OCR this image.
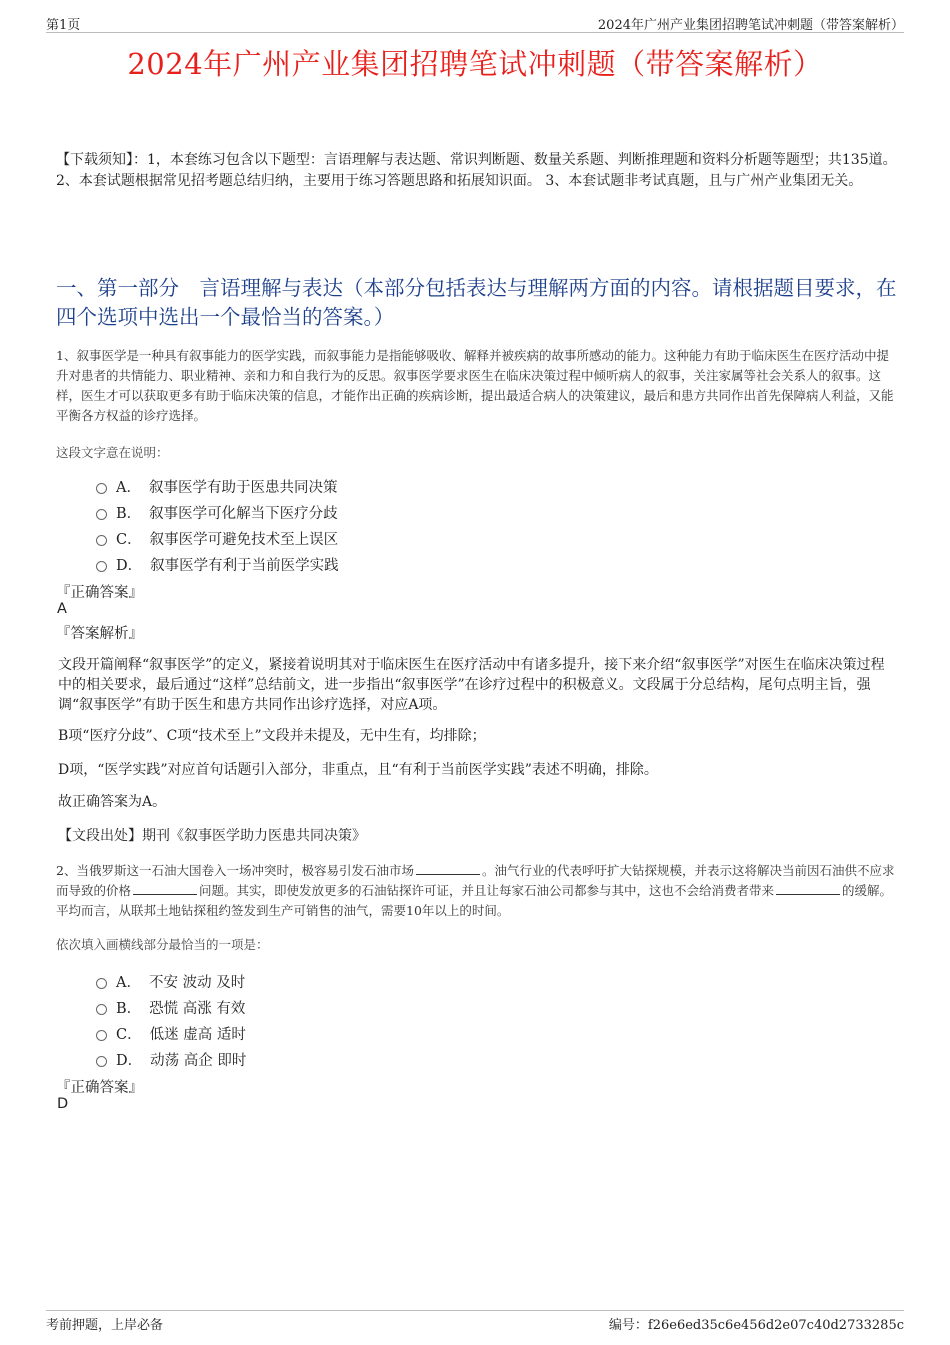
第1页	2024年广州产业集团招聘笔试冲刺题（带答案解析）
2024年广州产业集团招聘笔试冲刺题（带答案解析）
【下载须知】：1，本套练习包含以下题型：言语理解与表达题、常识判断题、数量关系题、判断推理题和资料分析题等题型；共135道。 2、本套试题根据常见招考题总结归纳，主要用于练习答题思路和拓展知识面。 3、本套试题非考试真题，且与广州产业集团无关。
一、第一部分　言语理解与表达（本部分包括表达与理解两方面的内容。请根据题目要求，在四个选项中选出一个最恰当的答案。）
1、叙事医学是一种具有叙事能力的医学实践，而叙事能力是指能够吸收、解释并被疾病的故事所感动的能力。这种能力有助于临床医生在医疗活动中提升对患者的共情能力、职业精神、亲和力和自我行为的反思。叙事医学要求医生在临床决策过程中倾听病人的叙事，关注家属等社会关系人的叙事。这样，医生才可以获取更多有助于临床决策的信息，才能作出正确的疾病诊断，提出最适合病人的决策建议，最后和患方共同作出首先保障病人利益，又能平衡各方权益的诊疗选择。
这段文字意在说明：
A． 叙事医学有助于医患共同决策
B． 叙事医学可化解当下医疗分歧
C． 叙事医学可避免技术至上误区
D． 叙事医学有利于当前医学实践
『正确答案』
A
『答案解析』
文段开篇阐释“叙事医学”的定义，紧接着说明其对于临床医生在医疗活动中有诸多提升，接下来介绍“叙事医学”对医生在临床决策过程中的相关要求，最后通过“这样”总结前文，进一步指出“叙事医学”在诊疗过程中的积极意义。文段属于分总结构，尾句点明主旨，强调“叙事医学”有助于医生和患方共同作出诊疗选择，对应A项。
B项“医疗分歧”、C项“技术至上”文段并未提及，无中生有，均排除；
D项，“医学实践”对应首句话题引入部分，非重点，且“有利于当前医学实践”表述不明确，排除。
故正确答案为A。
【文段出处】期刊《叙事医学助力医患共同决策》
2、当俄罗斯这一石油大国卷入一场冲突时，极容易引发石油市场	。油气行业的代表呼吁扩大钻探规模，并表示这将解决当前因石油供不应求而导致的价格	问题。其实，即使发放更多的石油钻探许可证，并且让每家石油公司都参与其中，这也不会给消费者带来	的缓解。平均而言，从联邦土地钻探租约签发到生产可销售的油气，需要10年以上的时间。
依次填入画横线部分最恰当的一项是：
A． 不安 波动 及时
B． 恐慌 高涨 有效
C． 低迷 虚高 适时
D． 动荡 高企 即时
『正确答案』
D
考前押题，上岸必备	编号：f26e6ed35c6e456d2e07c40d2733285c
